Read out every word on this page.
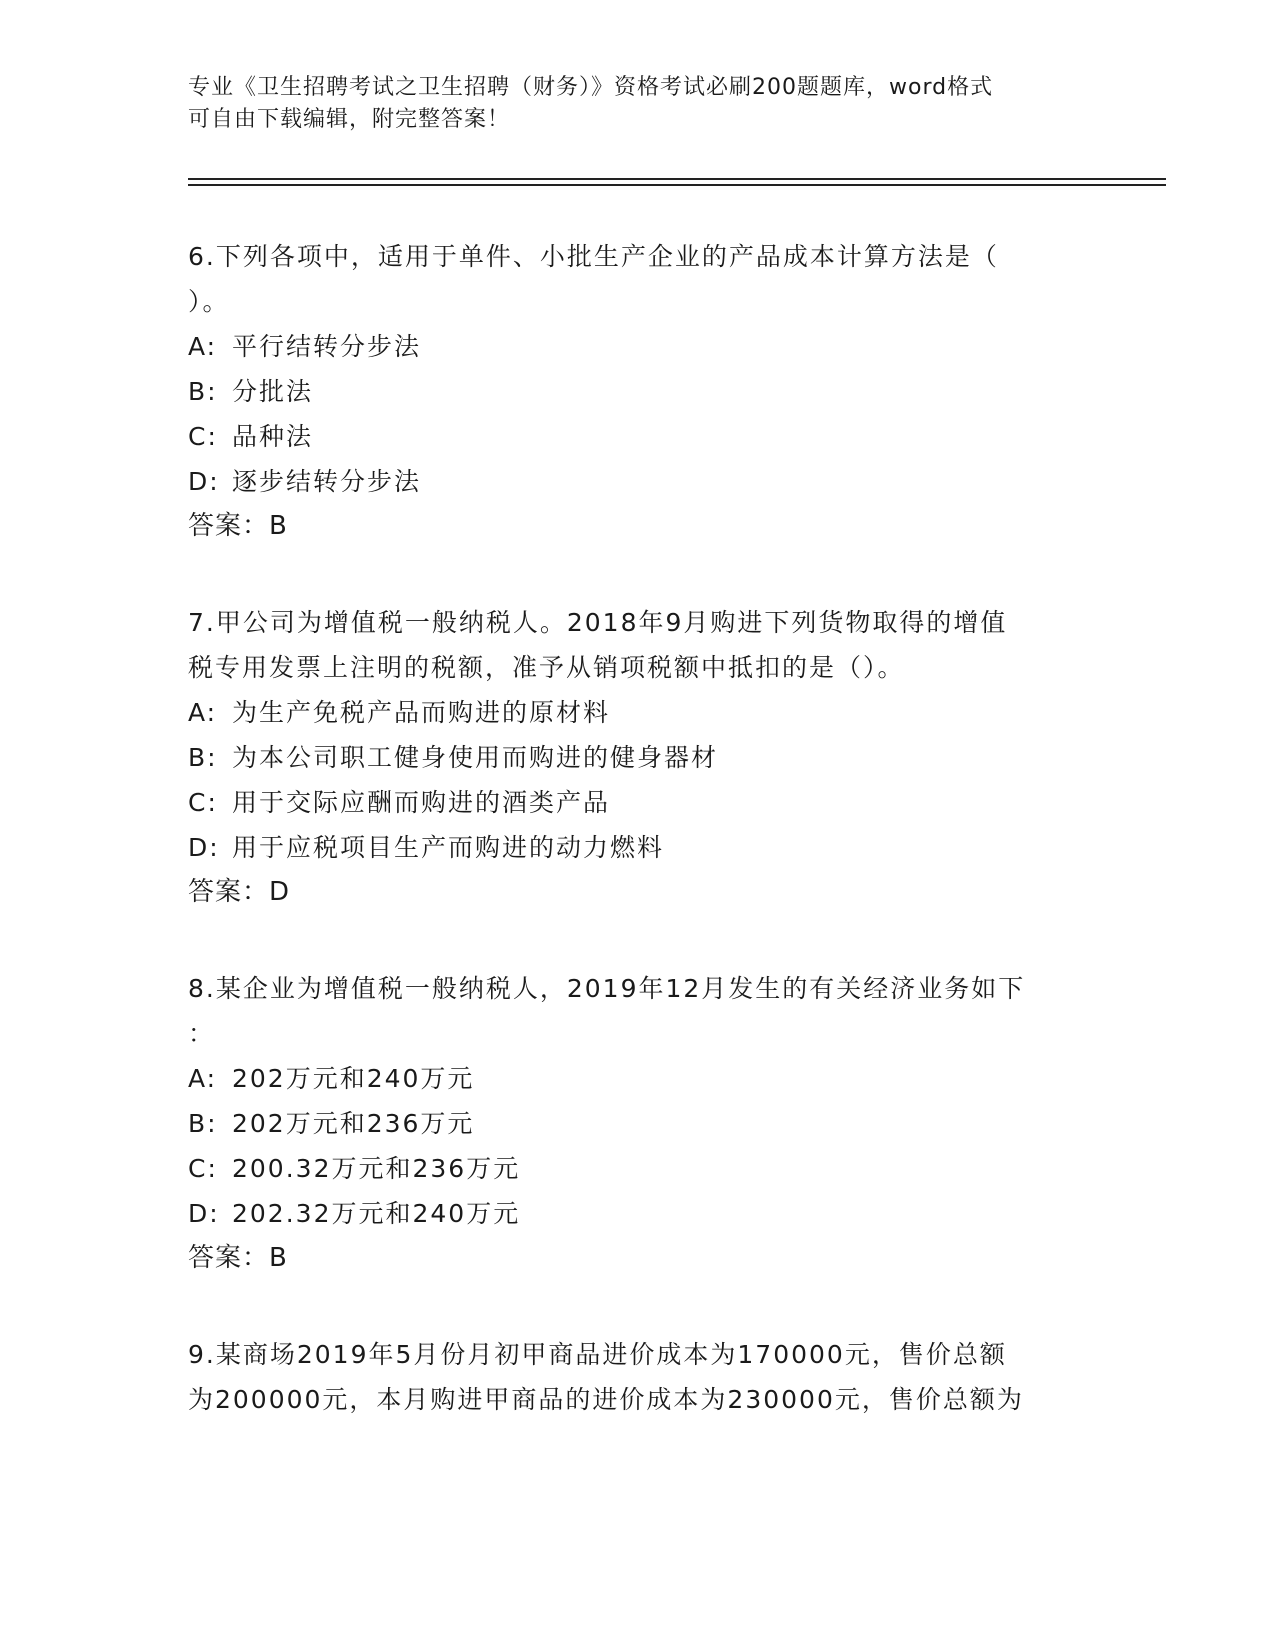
专业《卫生招聘考试之卫生招聘（财务）》资格考试必刷200题题库，word格式
可自由下载编辑，附完整答案！

6.下列各项中，适用于单件、小批生产企业的产品成本计算方法是（
）。

A: 平行结转分步法
B: 分批法
C: 品种法
D: 逐步结转分步法
答案：B

7.甲公司为增值税一般纳税人。2018年9月购进下列货物取得的增值
税专用发票上注明的税额，准予从销项税额中抵扣的是（）。

A: 为生产免税产品而购进的原材料
B: 为本公司职工健身使用而购进的健身器材
C: 用于交际应酬而购进的酒类产品
D: 用于应税项目生产而购进的动力燃料
答案：D

8.某企业为增值税一般纳税人，2019年12月发生的有关经济业务如下
：

A: 202万元和240万元
B: 202万元和236万元
C: 200.32万元和236万元
D: 202.32万元和240万元
答案：B

9.某商场2019年5月份月初甲商品进价成本为170000元，售价总额
为200000元，本月购进甲商品的进价成本为230000元，售价总额为
